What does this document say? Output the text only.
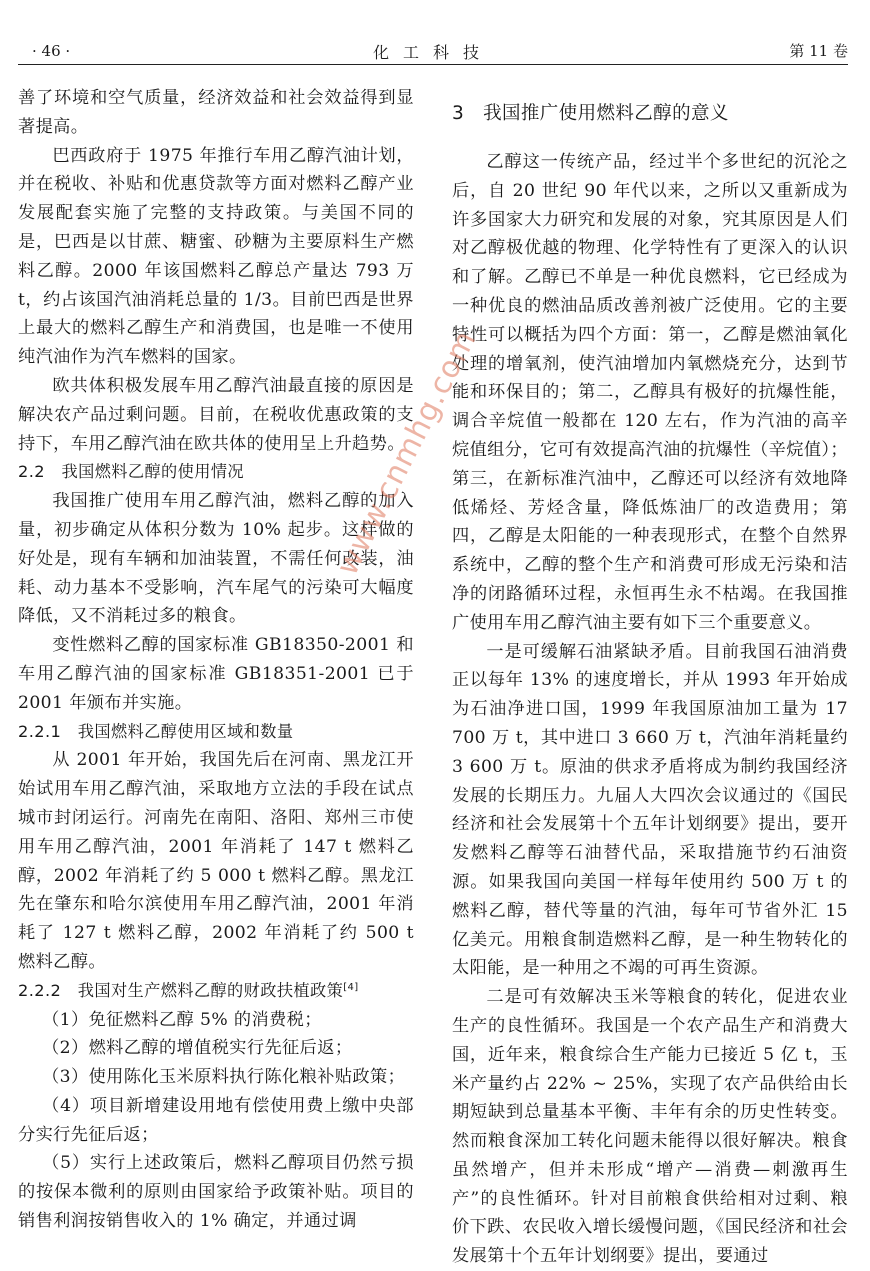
· 46 ·	化工科技	第 11 卷

善了环境和空气质量，经济效益和社会效益得到显著提高。

巴西政府于 1975 年推行车用乙醇汽油计划，并在税收、补贴和优惠贷款等方面对燃料乙醇产业发展配套实施了完整的支持政策。与美国不同的是，巴西是以甘蔗、糖蜜、砂糖为主要原料生产燃料乙醇。2000 年该国燃料乙醇总产量达 793 万 t，约占该国汽油消耗总量的 1/3。目前巴西是世界上最大的燃料乙醇生产和消费国，也是唯一不使用纯汽油作为汽车燃料的国家。

欧共体积极发展车用乙醇汽油最直接的原因是解决农产品过剩问题。目前，在税收优惠政策的支持下，车用乙醇汽油在欧共体的使用呈上升趋势。

2.2　我国燃料乙醇的使用情况

我国推广使用车用乙醇汽油，燃料乙醇的加入量，初步确定从体积分数为 10% 起步。这样做的好处是，现有车辆和加油装置，不需任何改装，油耗、动力基本不受影响，汽车尾气的污染可大幅度降低，又不消耗过多的粮食。

变性燃料乙醇的国家标准 GB18350-2001 和车用乙醇汽油的国家标准 GB18351-2001 已于 2001 年颁布并实施。

2.2.1　我国燃料乙醇使用区域和数量

从 2001 年开始，我国先后在河南、黑龙江开始试用车用乙醇汽油，采取地方立法的手段在试点城市封闭运行。河南先在南阳、洛阳、郑州三市使用车用乙醇汽油，2001 年消耗了 147 t 燃料乙醇，2002 年消耗了约 5 000 t 燃料乙醇。黑龙江先在肇东和哈尔滨使用车用乙醇汽油，2001 年消耗了 127 t 燃料乙醇，2002 年消耗了约 500 t 燃料乙醇。

2.2.2　我国对生产燃料乙醇的财政扶植政策[4]

（1）免征燃料乙醇 5% 的消费税；

（2）燃料乙醇的增值税实行先征后返；

（3）使用陈化玉米原料执行陈化粮补贴政策；

（4）项目新增建设用地有偿使用费上缴中央部分实行先征后返；

（5）实行上述政策后，燃料乙醇项目仍然亏损的按保本微利的原则由国家给予政策补贴。项目的销售利润按销售收入的 1% 确定，并通过调

3　我国推广使用燃料乙醇的意义

乙醇这一传统产品，经过半个多世纪的沉沦之后，自 20 世纪 90 年代以来，之所以又重新成为许多国家大力研究和发展的对象，究其原因是人们对乙醇极优越的物理、化学特性有了更深入的认识和了解。乙醇已不单是一种优良燃料，它已经成为一种优良的燃油品质改善剂被广泛使用。它的主要特性可以概括为四个方面：第一，乙醇是燃油氧化处理的增氧剂，使汽油增加内氧燃烧充分，达到节能和环保目的；第二，乙醇具有极好的抗爆性能，调合辛烷值一般都在 120 左右，作为汽油的高辛烷值组分，它可有效提高汽油的抗爆性（辛烷值）；第三，在新标准汽油中，乙醇还可以经济有效地降低烯烃、芳烃含量，降低炼油厂的改造费用；第四，乙醇是太阳能的一种表现形式，在整个自然界系统中，乙醇的整个生产和消费可形成无污染和洁净的闭路循环过程，永恒再生永不枯竭。在我国推广使用车用乙醇汽油主要有如下三个重要意义。

一是可缓解石油紧缺矛盾。目前我国石油消费正以每年 13% 的速度增长，并从 1993 年开始成为石油净进口国，1999 年我国原油加工量为 17 700 万 t，其中进口 3 660 万 t，汽油年消耗量约 3 600 万 t。原油的供求矛盾将成为制约我国经济发展的长期压力。九届人大四次会议通过的《国民经济和社会发展第十个五年计划纲要》提出，要开发燃料乙醇等石油替代品，采取措施节约石油资源。如果我国向美国一样每年使用约 500 万 t 的燃料乙醇，替代等量的汽油，每年可节省外汇 15 亿美元。用粮食制造燃料乙醇，是一种生物转化的太阳能，是一种用之不竭的可再生资源。

二是可有效解决玉米等粮食的转化，促进农业生产的良性循环。我国是一个农产品生产和消费大国，近年来，粮食综合生产能力已接近 5 亿 t，玉米产量约占 22% ~ 25%，实现了农产品供给由长期短缺到总量基本平衡、丰年有余的历史性转变。然而粮食深加工转化问题未能得以很好解决。粮食虽然增产，但并未形成“增产—消费—刺激再生产”的良性循环。针对目前粮食供给相对过剩、粮价下跌、农民收入增长缓慢问题，《国民经济和社会发展第十个五年计划纲要》提出，要通过

www.cnmhg.com
